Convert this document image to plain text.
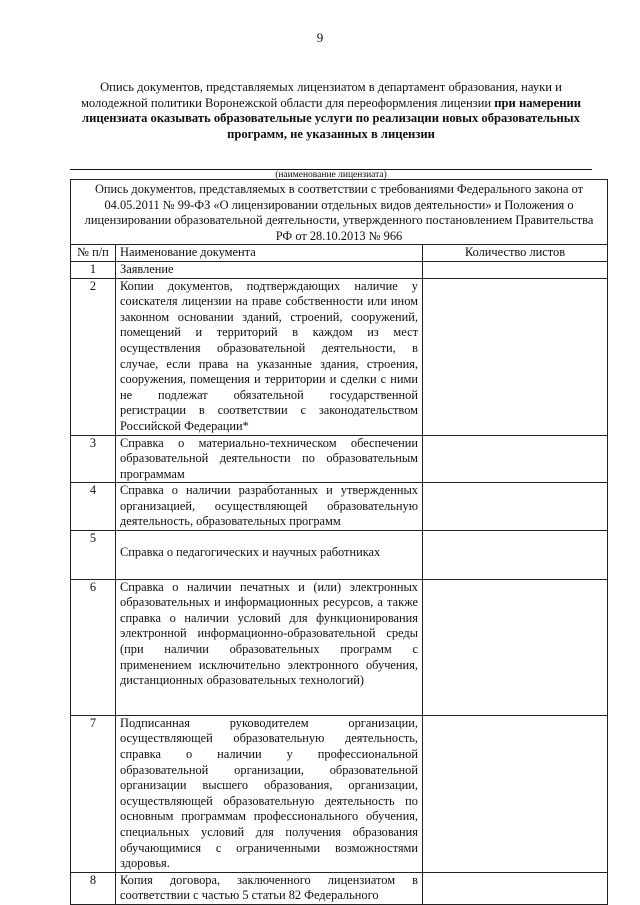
9
Опись документов, представляемых лицензиатом в департамент образования, науки и молодежной политики Воронежской области для переоформления лицензии при намерении лицензиата оказывать образовательные услуги по реализации новых образовательных программ, не указанных в лицензии
(наименование лицензиата)
Опись документов, представляемых в соответствии с требованиями Федерального закона от 04.05.2011 № 99-ФЗ «О лицензировании отдельных видов деятельности» и Положения о лицензировании образовательной деятельности, утвержденного постановлением Правительства РФ от 28.10.2013 № 966		
№ п/п	Наименование документа	Количество листов
1	Заявление	
2	Копии документов, подтверждающих наличие у соискателя лицензии на праве собственности или ином законном основании зданий, строений, сооружений, помещений и территорий в каждом из мест осуществления образовательной деятельности, в случае, если права на указанные здания, строения, сооружения, помещения и территории и сделки с ними не подлежат обязательной государственной регистрации в соответствии с законодательством Российской Федерации*	
3	Справка о материально-техническом обеспечении образовательной деятельности по образовательным программам	
4	Справка о наличии разработанных и утвержденных организацией, осуществляющей образовательную деятельность, образовательных программ	
5	Справка о педагогических и научных работниках	

6	Справка о наличии печатных и (или) электронных образовательных и информационных ресурсов, а также справка о наличии условий для функционирования электронной информационно-образовательной среды (при наличии образовательных программ с применением исключительно электронного обучения, дистанционных образовательных технологий)	

7	Подписанная руководителем организации, осуществляющей образовательную деятельность, справка о наличии у профессиональной образовательной организации, образовательной организации высшего образования, организации, осуществляющей образовательную деятельность по основным программам профессионального обучения, специальных условий для получения образования обучающимися с ограниченными возможностями здоровья.	
8	Копия договора, заключенного лицензиатом в соответствии с частью 5 статьи 82 Федерального	
